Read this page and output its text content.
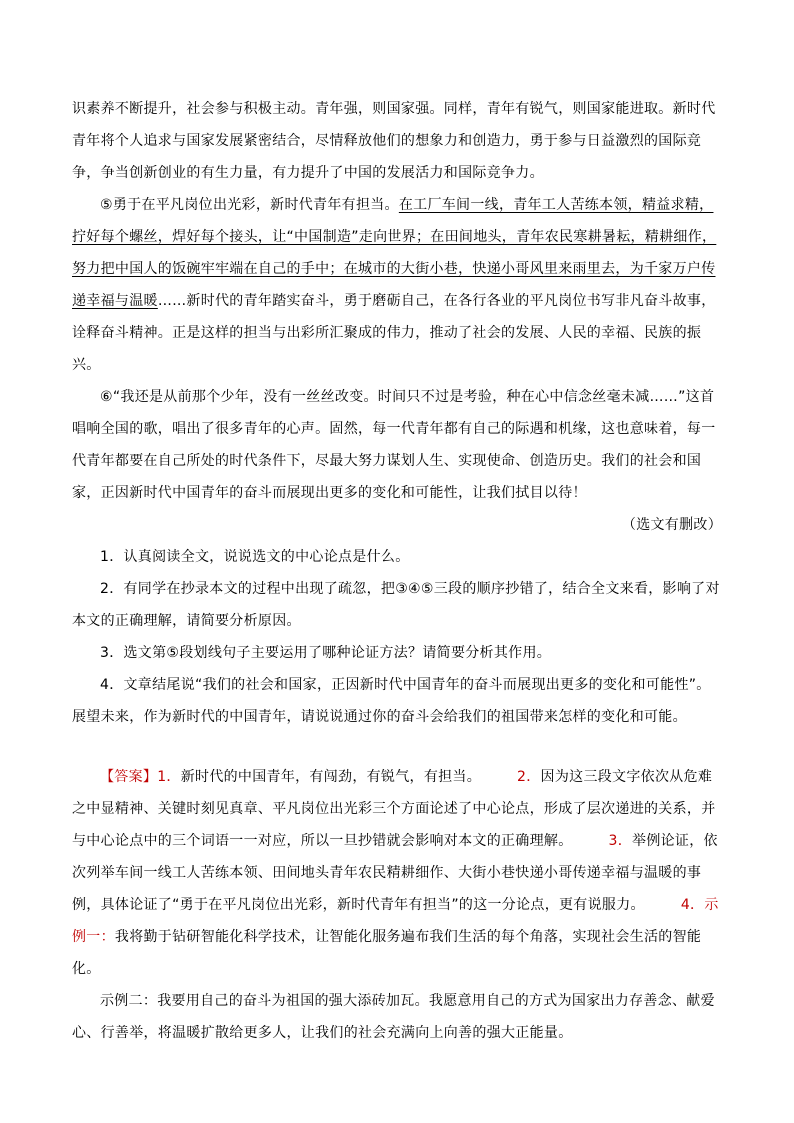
识素养不断提升，社会参与积极主动。青年强，则国家强。同样，青年有锐气，则国家能进取。新时代青年将个人追求与国家发展紧密结合，尽情释放他们的想象力和创造力，勇于参与日益激烈的国际竞争，争当创新创业的有生力量，有力提升了中国的发展活力和国际竞争力。

⑤勇于在平凡岗位出光彩，新时代青年有担当。在工厂车间一线，青年工人苦练本领，精益求精，拧好每个螺丝，焊好每个接头，让“中国制造”走向世界；在田间地头，青年农民寒耕暑耘，精耕细作，努力把中国人的饭碗牢牢端在自己的手中；在城市的大街小巷，快递小哥风里来雨里去，为千家万户传递幸福与温暖……新时代的青年踏实奋斗，勇于磨砺自己，在各行各业的平凡岗位书写非凡奋斗故事，诠释奋斗精神。正是这样的担当与出彩所汇聚成的伟力，推动了社会的发展、人民的幸福、民族的振兴。

⑥“我还是从前那个少年，没有一丝丝改变。时间只不过是考验，种在心中信念丝毫未减……”这首唱响全国的歌，唱出了很多青年的心声。固然，每一代青年都有自己的际遇和机缘，这也意味着，每一代青年都要在自己所处的时代条件下，尽最大努力谋划人生、实现使命、创造历史。我们的社会和国家，正因新时代中国青年的奋斗而展现出更多的变化和可能性，让我们拭目以待！

（选文有删改）

1．认真阅读全文，说说选文的中心论点是什么。

2．有同学在抄录本文的过程中出现了疏忽，把③④⑤三段的顺序抄错了，结合全文来看，影响了对本文的正确理解，请简要分析原因。

3．选文第⑤段划线句子主要运用了哪种论证方法？请简要分析其作用。

4．文章结尾说“我们的社会和国家，正因新时代中国青年的奋斗而展现出更多的变化和可能性”。展望未来，作为新时代的中国青年，请说说通过你的奋斗会给我们的祖国带来怎样的变化和可能。

【答案】1．新时代的中国青年，有闯劲，有锐气，有担当。	2．因为这三段文字依次从危难之中显精神、关键时刻见真章、平凡岗位出光彩三个方面论述了中心论点，形成了层次递进的关系，并与中心论点中的三个词语一一对应，所以一旦抄错就会影响对本文的正确理解。	3．举例论证，依次列举车间一线工人苦练本领、田间地头青年农民精耕细作、大街小巷快递小哥传递幸福与温暖的事例，具体论证了“勇于在平凡岗位出光彩，新时代青年有担当”的这一分论点，更有说服力。	4．示例一：我将勤于钻研智能化科学技术，让智能化服务遍布我们生活的每个角落，实现社会生活的智能化。

示例二：我要用自己的奋斗为祖国的强大添砖加瓦。我愿意用自己的方式为国家出力存善念、献爱心、行善举，将温暖扩散给更多人，让我们的社会充满向上向善的强大正能量。
